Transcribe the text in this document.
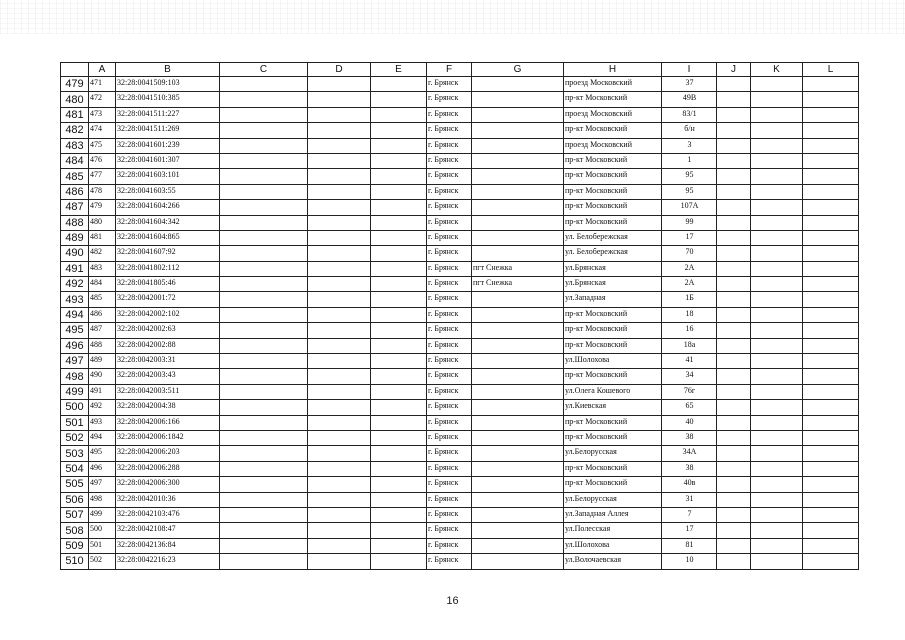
	A	B	C	D	E	F	G	H	I	J	K	L
479	471	32:28:0041509:103				г. Брянск		проезд Московский	37			
480	472	32:28:0041510:385				г. Брянск		пр-кт Московский	49В			
481	473	32:28:0041511:227				г. Брянск		проезд Московский	83/1			
482	474	32:28:0041511:269				г. Брянск		пр-кт Московский	б/н			
483	475	32:28:0041601:239				г. Брянск		проезд Московский	3			
484	476	32:28:0041601:307				г. Брянск		пр-кт Московский	1			
485	477	32:28:0041603:101				г. Брянск		пр-кт Московский	95			
486	478	32:28:0041603:55				г. Брянск		пр-кт Московский	95			
487	479	32:28:0041604:266				г. Брянск		пр-кт Московский	107А			
488	480	32:28:0041604:342				г. Брянск		пр-кт Московский	99			
489	481	32:28:0041604:865				г. Брянск		ул. Белобережская	17			
490	482	32:28:0041607:92				г. Брянск		ул. Белобережская	70			
491	483	32:28:0041802:112				г. Брянск	пгт Снежка	ул.Брянская	2А			
492	484	32:28:0041805:46				г. Брянск	пгт Снежка	ул.Брянская	2А			
493	485	32:28:0042001:72				г. Брянск		ул.Западная	1Б			
494	486	32:28:0042002:102				г. Брянск		пр-кт Московский	18			
495	487	32:28:0042002:63				г. Брянск		пр-кт Московский	16			
496	488	32:28:0042002:88				г. Брянск		пр-кт Московский	18а			
497	489	32:28:0042003:31				г. Брянск		ул.Шолохова	41			
498	490	32:28:0042003:43				г. Брянск		пр-кт Московский	34			
499	491	32:28:0042003:511				г. Брянск		ул.Олега Кошевого	76г			
500	492	32:28:0042004:38				г. Брянск		ул.Киевская	65			
501	493	32:28:0042006:166				г. Брянск		пр-кт Московский	40			
502	494	32:28:0042006:1842				г. Брянск		пр-кт Московский	38			
503	495	32:28:0042006:203				г. Брянск		ул.Белорусская	34А			
504	496	32:28:0042006:288				г. Брянск		пр-кт Московский	38			
505	497	32:28:0042006:300				г. Брянск		пр-кт Московский	40в			
506	498	32:28:0042010:36				г. Брянск		ул.Белорусская	31			
507	499	32:28:0042103:476				г. Брянск		ул.Западная Аллея	7			
508	500	32:28:0042108:47				г. Брянск		ул.Полесская	17			
509	501	32:28:0042136:84				г. Брянск		ул.Шолохова	81			
510	502	32:28:0042216:23				г. Брянск		ул.Волочаевская	10			
16
